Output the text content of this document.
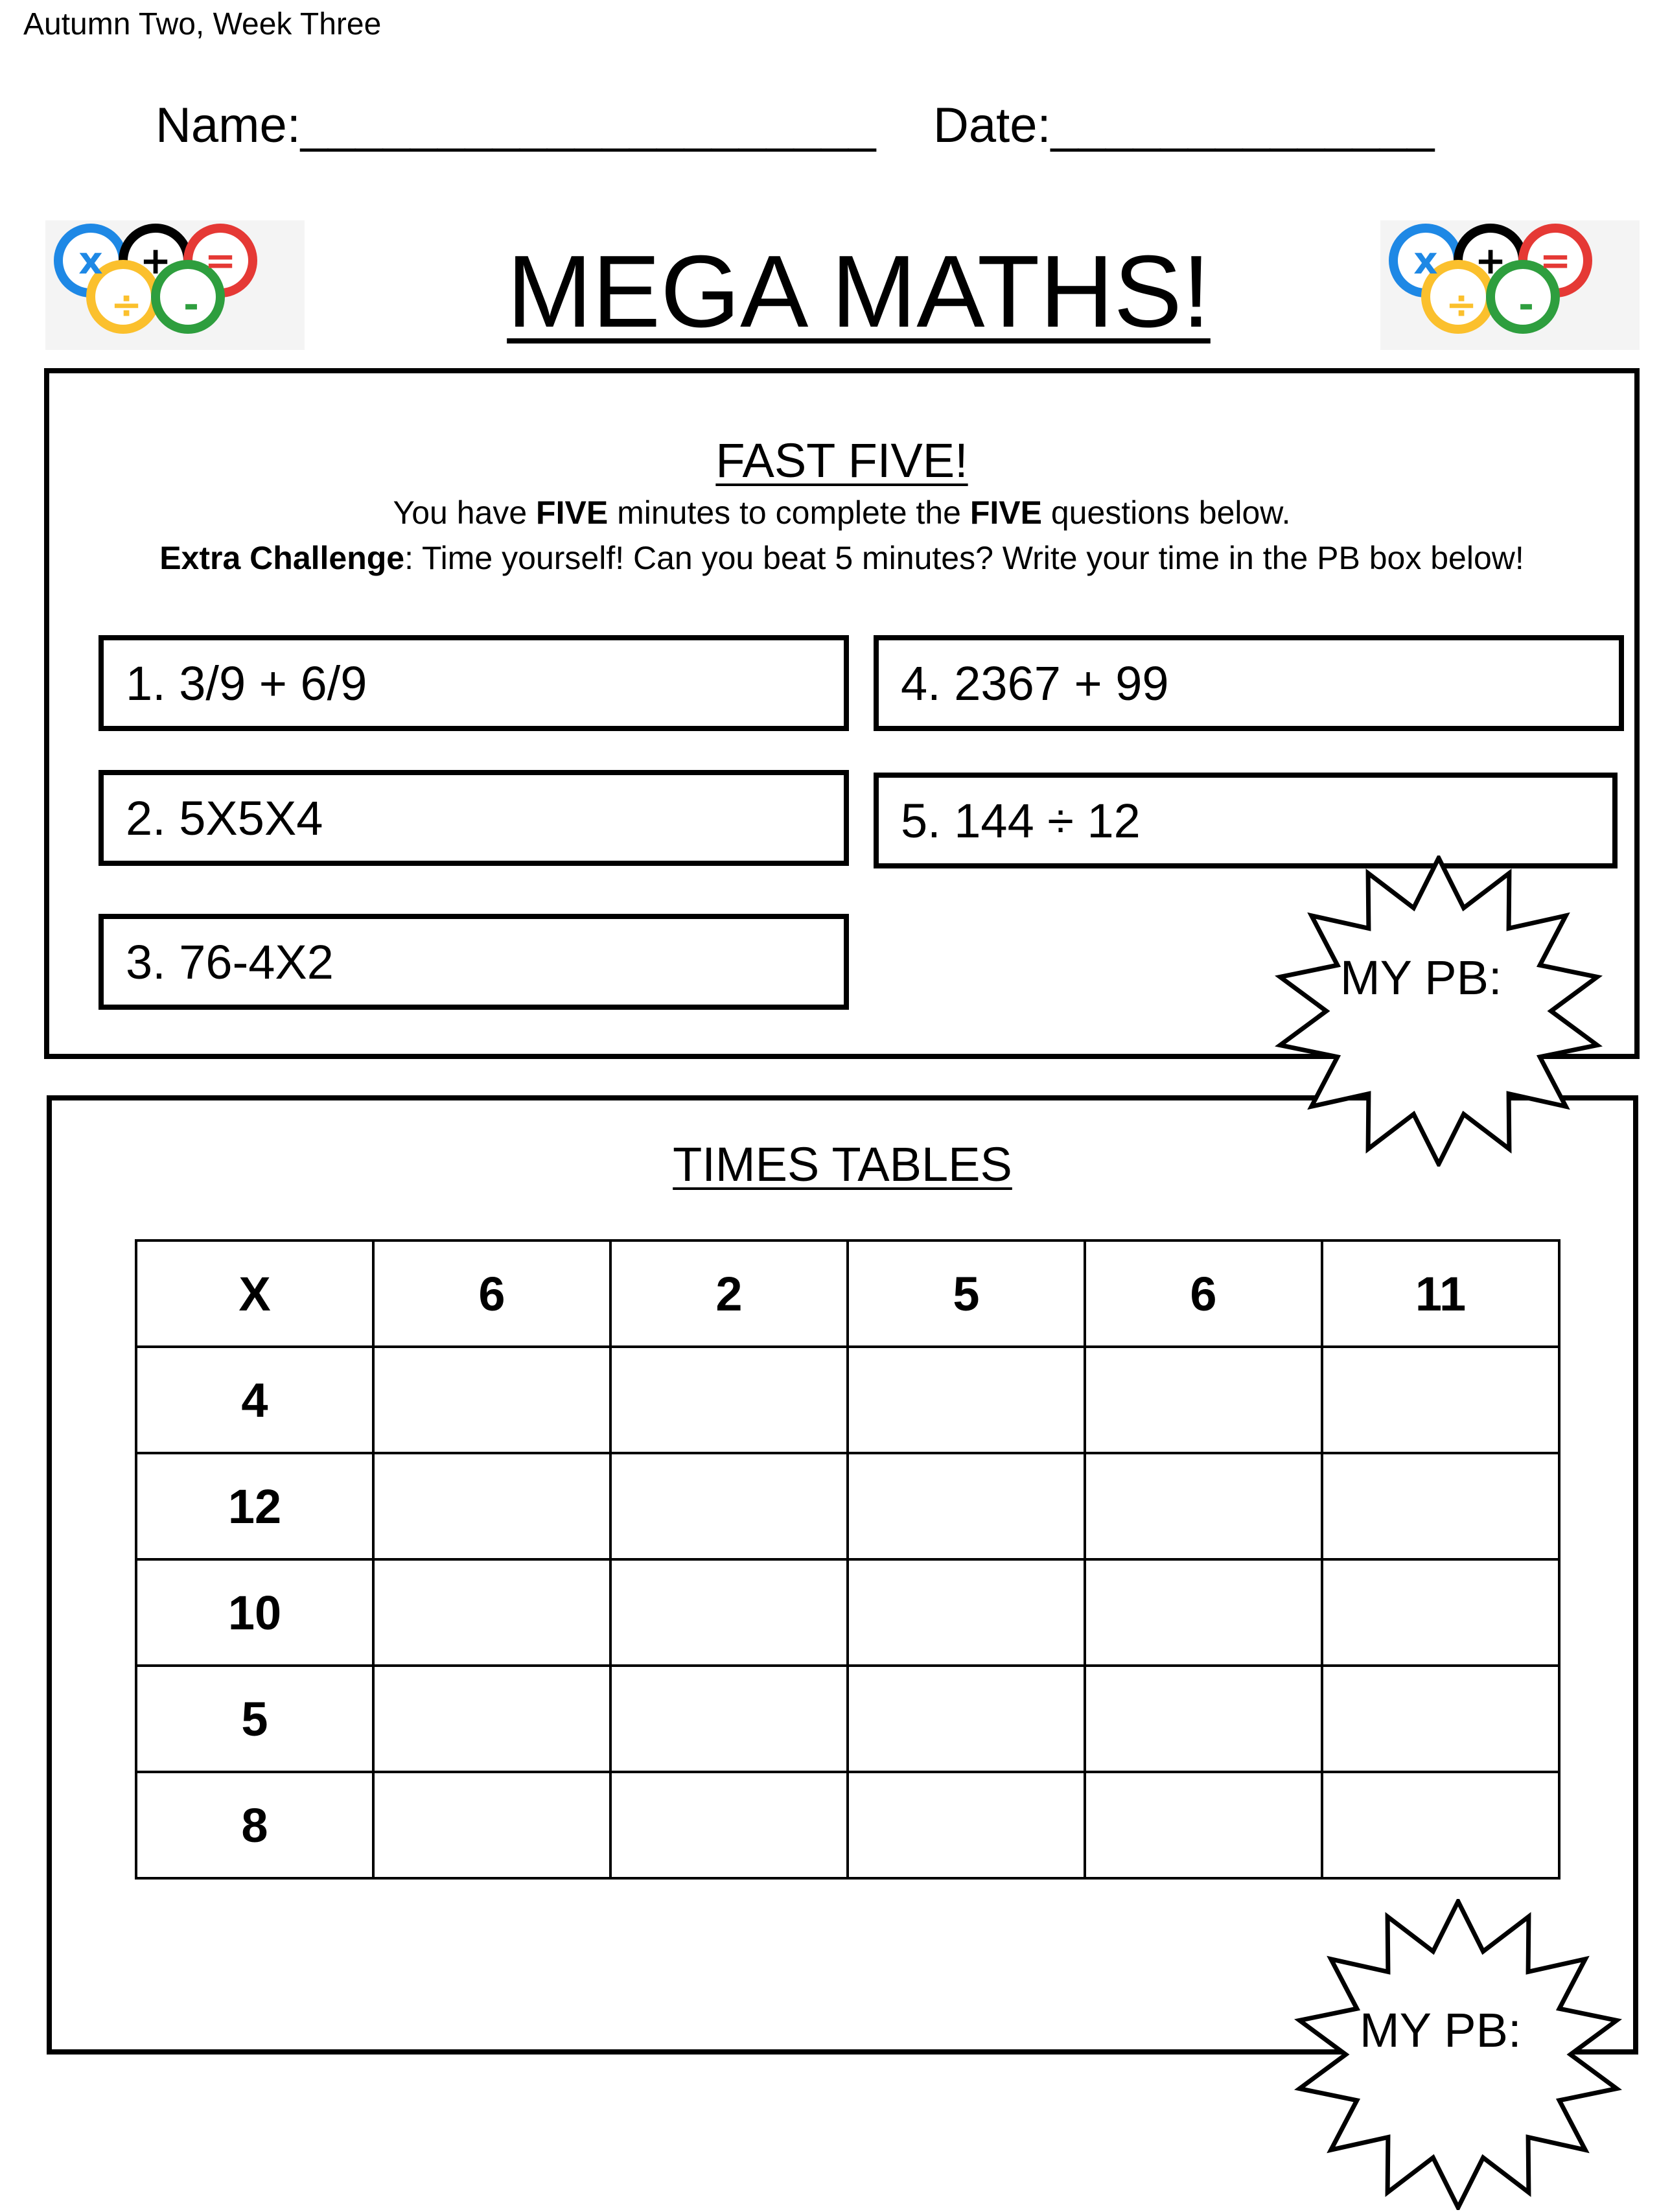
Autumn Two, Week Three
Name:_____________________ Date:______________
x + =
÷ -	MEGA MATHS!	x + =
÷ -
FAST FIVE!
You have FIVE minutes to complete the FIVE questions below.
Extra Challenge: Time yourself! Can you beat 5 minutes? Write your time in the PB box below!
1. 3/9 + 6/9
2. 5X5X4
3. 76-4X2
4. 2367 + 99
5. 144 ÷ 12
TIMES TABLES
X	6	2	5	6	11
4					
12					
10					
5					
8					
MY PB:
MY PB:
